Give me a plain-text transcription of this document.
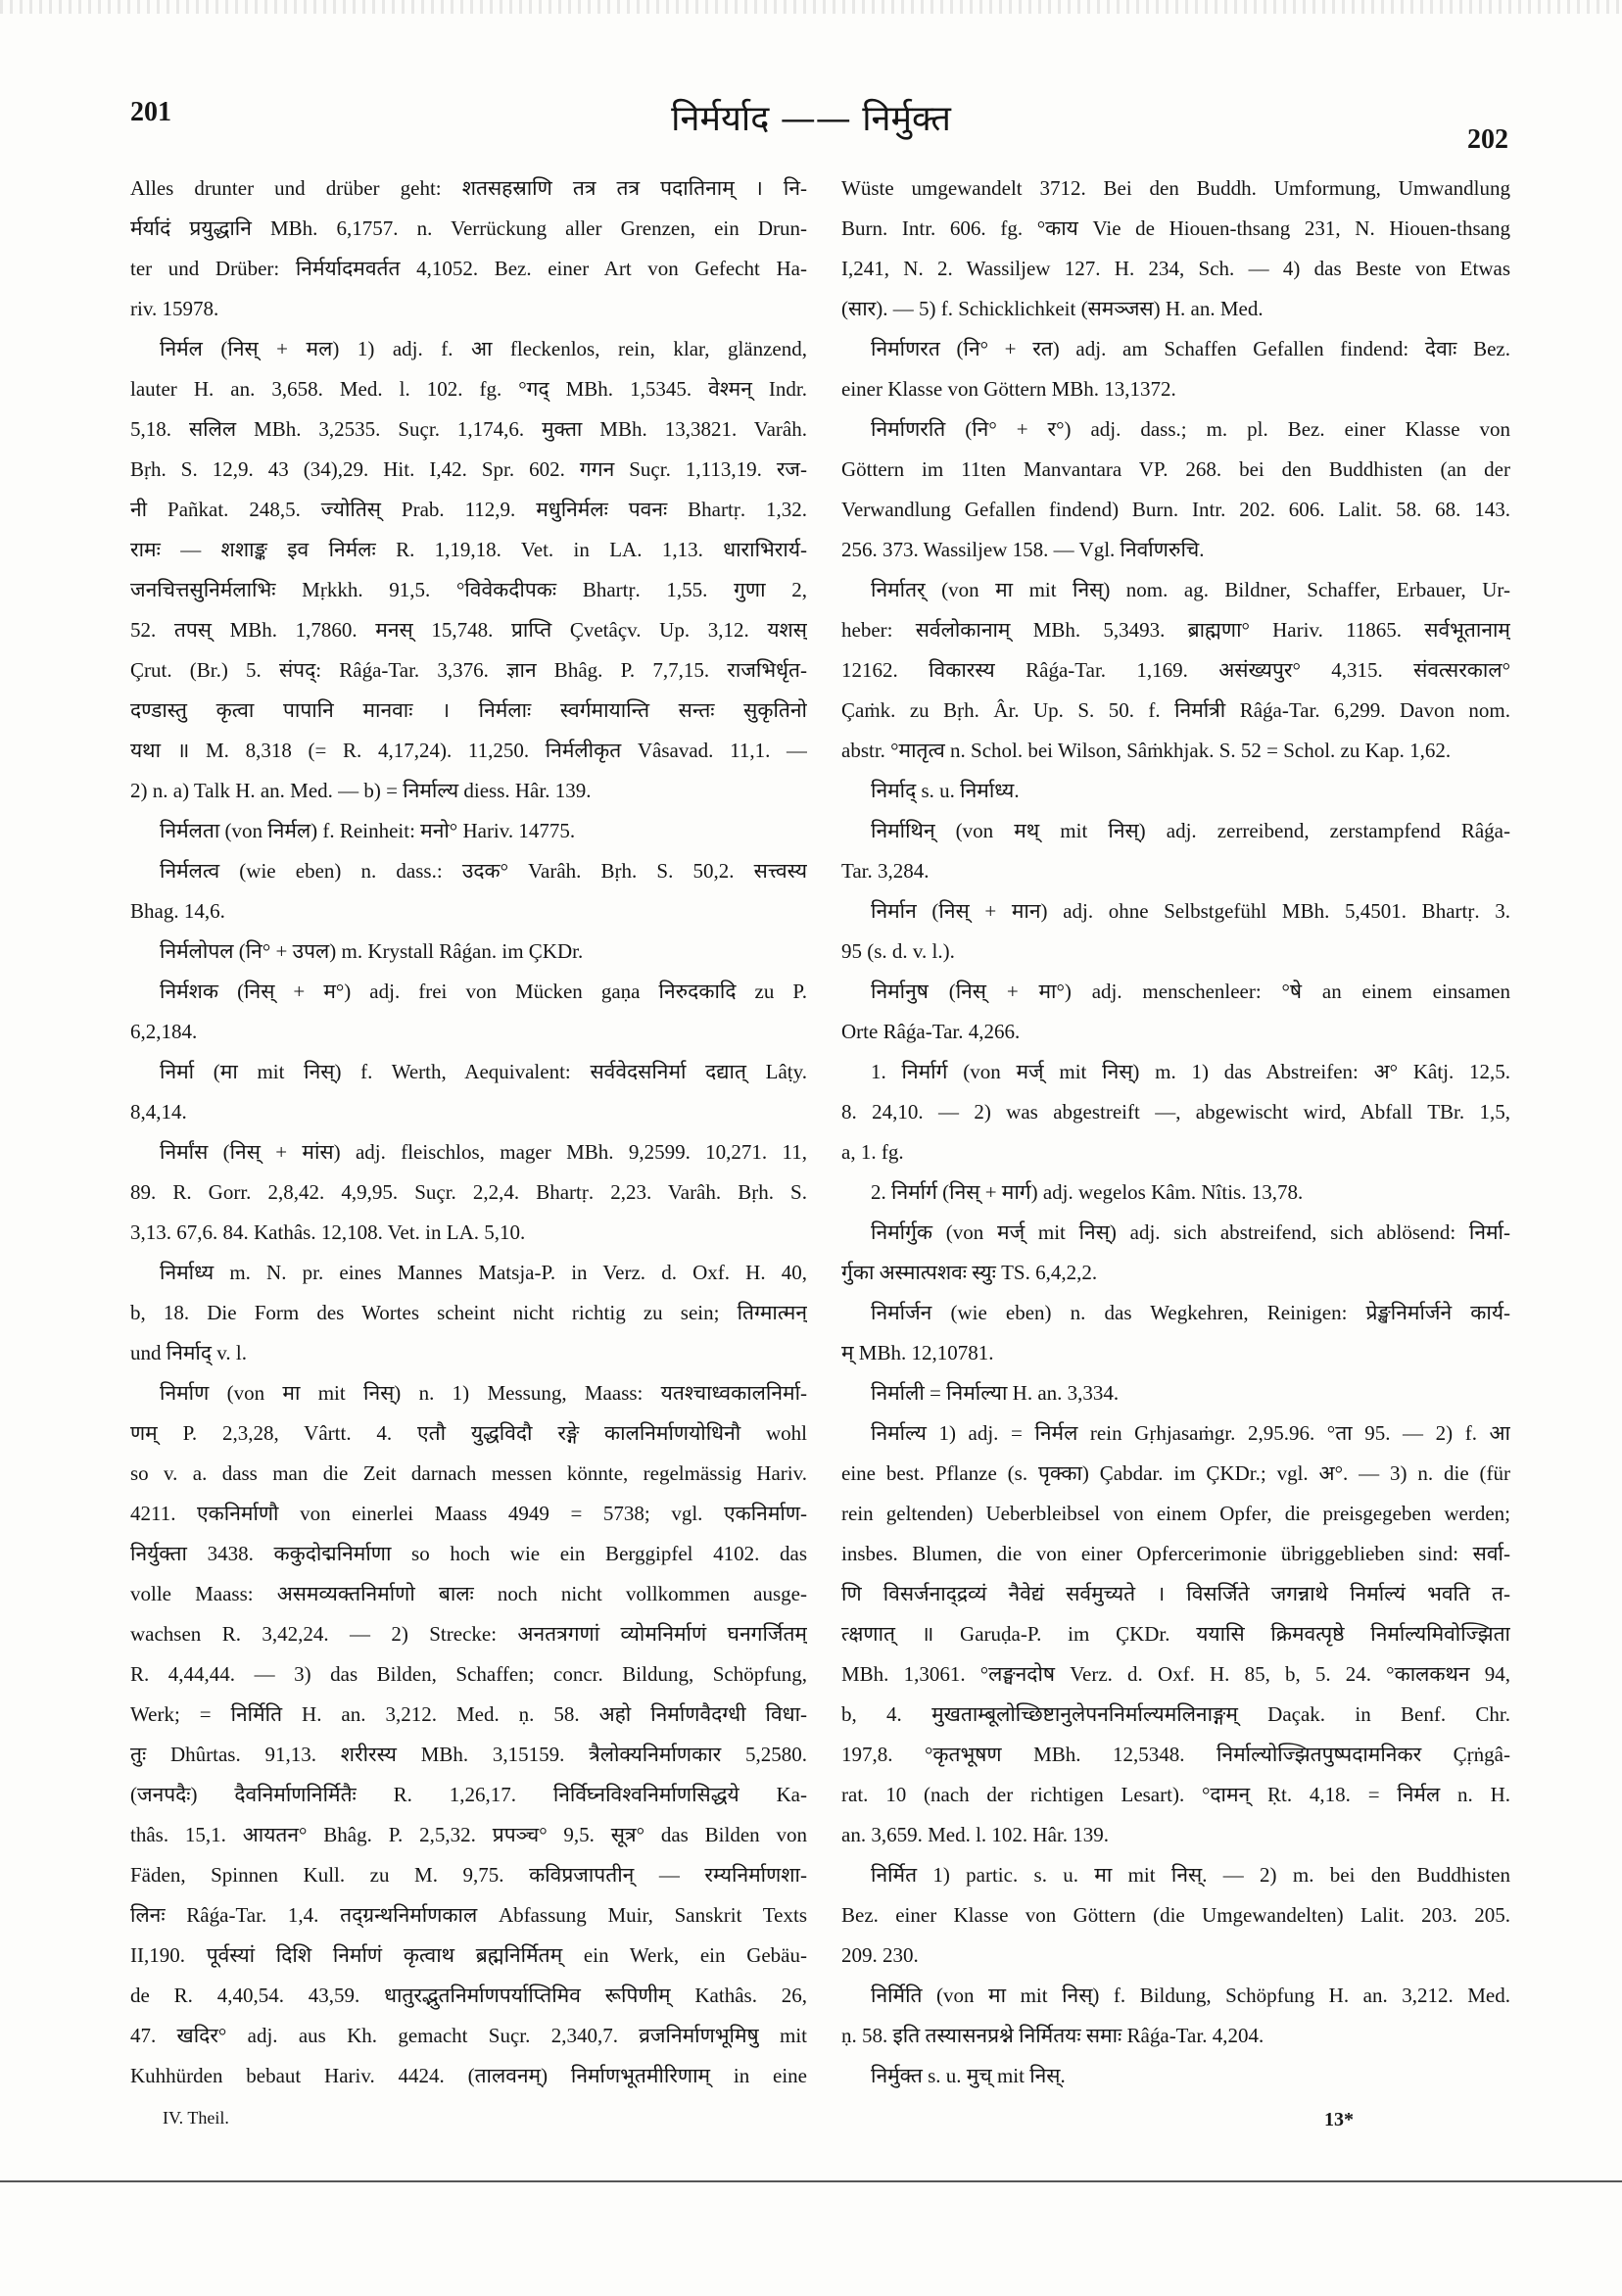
201	निर्मर्याद —— निर्मुक्त
202
Alles drunter und drüber geht: शतसहस्राणि तत्र तत्र पदातिनाम् । नि-
र्मर्यादं प्रयुद्धानि MBh. 6,1757. n. Verrückung aller Grenzen, ein Drun-
ter und Drüber: निर्मर्यादमवर्तत 4,1052. Bez. einer Art von Gefecht Ha-
riv. 15978.
निर्मल (निस् + मल) 1) adj. f. आ fleckenlos, rein, klar, glänzend,
lauter H. an. 3,658. Med. l. 102. fg. °गद् MBh. 1,5345. वेश्मन् Indr.
5,18. सलिल MBh. 3,2535. Suçr. 1,174,6. मुक्ता MBh. 13,3821. Varâh.
Bṛh. S. 12,9. 43 (34),29. Hit. I,42. Spr. 602. गगन Suçr. 1,113,19. रज-
नी Pañkat. 248,5. ज्योतिस् Prab. 112,9. मधुनिर्मलः पवनः Bhartṛ. 1,32.
रामः — शशाङ्क इव निर्मलः R. 1,19,18. Vet. in LA. 1,13. धाराभिरार्य-
जनचित्तसुनिर्मलाभिः Mṛkkh. 91,5. °विवेकदीपकः Bhartṛ. 1,55. गुणा 2,
52. तपस् MBh. 1,7860. मनस् 15,748. प्राप्ति Çvetâçv. Up. 3,12. यशस्
Çrut. (Br.) 5. संपद्: Râǵa-Tar. 3,376. ज्ञान Bhâg. P. 7,7,15. राजभिर्धृत-
दण्डास्तु कृत्वा पापानि मानवाः । निर्मलाः स्वर्गमायान्ति सन्तः सुकृतिनो
यथा ॥ M. 8,318 (= R. 4,17,24). 11,250. निर्मलीकृत Vâsavad. 11,1. —
2) n. a) Talk H. an. Med. — b) = निर्माल्य diess. Hâr. 139.
निर्मलता (von निर्मल) f. Reinheit: मनो° Hariv. 14775.
निर्मलत्व (wie eben) n. dass.: उदक° Varâh. Bṛh. S. 50,2. सत्त्वस्य
Bhag. 14,6.
निर्मलोपल (नि° + उपल) m. Krystall Râǵan. im ÇKDr.
निर्मशक (निस् + म°) adj. frei von Mücken gaṇa निरुदकादि zu P.
6,2,184.
निर्मा (मा mit निस्) f. Werth, Aequivalent: सर्ववेदसनिर्मा दद्यात् Lâṭy.
8,4,14.
निर्मांस (निस् + मांस) adj. fleischlos, mager MBh. 9,2599. 10,271. 11,
89. R. Gorr. 2,8,42. 4,9,95. Suçr. 2,2,4. Bhartṛ. 2,23. Varâh. Bṛh. S.
3,13. 67,6. 84. Kathâs. 12,108. Vet. in LA. 5,10.
निर्माध्य m. N. pr. eines Mannes Matsja-P. in Verz. d. Oxf. H. 40,
b, 18. Die Form des Wortes scheint nicht richtig zu sein; तिग्मात्मन्
und निर्माद् v. l.
निर्माण (von मा mit निस्) n. 1) Messung, Maass: यतश्चाध्वकालनिर्मा-
णम् P. 2,3,28, Vârtt. 4. एतौ युद्धविदौ रङ्गे कालनिर्माणयोधिनौ wohl
so v. a. dass man die Zeit darnach messen könnte, regelmässig Hariv.
4211. एकनिर्माणौ von einerlei Maass 4949 = 5738; vgl. एकनिर्माण-
निर्युक्ता 3438. ककुदोद्मनिर्माणा so hoch wie ein Berggipfel 4102. das
volle Maass: असमव्यक्तनिर्माणो बालः noch nicht vollkommen ausge-
wachsen R. 3,42,24. — 2) Strecke: अनतत्रगणां व्योमनिर्माणं घनगर्जितम्
R. 4,44,44. — 3) das Bilden, Schaffen; concr. Bildung, Schöpfung,
Werk; = निर्मिति H. an. 3,212. Med. ṇ. 58. अहो निर्माणवैदग्धी विधा-
तुः Dhûrtas. 91,13. शरीरस्य MBh. 3,15159. त्रैलोक्यनिर्माणकार 5,2580.
(जनपदैः) दैवनिर्माणनिर्मितैः R. 1,26,17. निर्विघ्नविश्वनिर्माणसिद्धये Ka-
thâs. 15,1. आयतन° Bhâg. P. 2,5,32. प्रपञ्च° 9,5. सूत्र° das Bilden von
Fäden, Spinnen Kull. zu M. 9,75. कविप्रजापतीन् — रम्यनिर्माणशा-
लिनः Râǵa-Tar. 1,4. तद्ग्रन्थनिर्माणकाल Abfassung Muir, Sanskrit Texts
II,190. पूर्वस्यां दिशि निर्माणं कृत्वाथ ब्रह्मनिर्मितम् ein Werk, ein Gebäu-
de R. 4,40,54. 43,59. धातुरद्भुतनिर्माणपर्याप्तिमिव रूपिणीम् Kathâs. 26,
47. खदिर° adj. aus Kh. gemacht Suçr. 2,340,7. व्रजनिर्माणभूमिषु mit
Kuhhürden bebaut Hariv. 4424. (तालवनम्) निर्माणभूतमीरिणाम् in eine
Wüste umgewandelt 3712. Bei den Buddh. Umformung, Umwandlung
Burn. Intr. 606. fg. °काय Vie de Hiouen-thsang 231, N. Hiouen-thsang
I,241, N. 2. Wassiljew 127. H. 234, Sch. — 4) das Beste von Etwas
(सार). — 5) f. Schicklichkeit (समञ्जस) H. an. Med.
निर्माणरत (नि° + रत) adj. am Schaffen Gefallen findend: देवाः Bez.
einer Klasse von Göttern MBh. 13,1372.
निर्माणरति (नि° + र°) adj. dass.; m. pl. Bez. einer Klasse von
Göttern im 11ten Manvantara VP. 268. bei den Buddhisten (an der
Verwandlung Gefallen findend) Burn. Intr. 202. 606. Lalit. 58. 68. 143.
256. 373. Wassiljew 158. — Vgl. निर्वाणरुचि.
निर्मातर् (von मा mit निस्) nom. ag. Bildner, Schaffer, Erbauer, Ur-
heber: सर्वलोकानाम् MBh. 5,3493. ब्राह्मणा° Hariv. 11865. सर्वभूतानाम्
12162. विकारस्य Râǵa-Tar. 1,169. असंख्यपुर° 4,315. संवत्सरकाल°
Çaṁk. zu Bṛh. Âr. Up. S. 50. f. निर्मात्री Râǵa-Tar. 6,299. Davon nom.
abstr. °मातृत्व n. Schol. bei Wilson, Sâṁkhjak. S. 52 = Schol. zu Kap. 1,62.
निर्माद् s. u. निर्माध्य.
निर्माथिन् (von मथ् mit निस्) adj. zerreibend, zerstampfend Râǵa-
Tar. 3,284.
निर्मान (निस् + मान) adj. ohne Selbstgefühl MBh. 5,4501. Bhartṛ. 3.
95 (s. d. v. l.).
निर्मानुष (निस् + मा°) adj. menschenleer: °षे an einem einsamen
Orte Râǵa-Tar. 4,266.
1. निर्मार्ग (von मर्ज् mit निस्) m. 1) das Abstreifen: अ° Kâtj. 12,5.
8. 24,10. — 2) was abgestreift —, abgewischt wird, Abfall TBr. 1,5,
a, 1. fg.
2. निर्मार्ग (निस् + मार्ग) adj. wegelos Kâm. Nîtis. 13,78.
निर्मार्गुक (von मर्ज् mit निस्) adj. sich abstreifend, sich ablösend: निर्मा-
र्गुका अस्मात्पशवः स्युः TS. 6,4,2,2.
निर्मार्जन (wie eben) n. das Wegkehren, Reinigen: प्रेङ्खनिर्मार्जने कार्य-
म् MBh. 12,10781.
निर्माली = निर्माल्या H. an. 3,334.
निर्माल्य 1) adj. = निर्मल rein Gṛhjasaṁgr. 2,95.96. °ता 95. — 2) f. आ
eine best. Pflanze (s. पृक्का) Çabdar. im ÇKDr.; vgl. अ°. — 3) n. die (für
rein geltenden) Ueberbleibsel von einem Opfer, die preisgegeben werden;
insbes. Blumen, die von einer Opfercerimonie übriggeblieben sind: सर्वा-
णि विसर्जनाद्द्रव्यं नैवेद्यं सर्वमुच्यते । विसर्जिते जगन्नाथे निर्माल्यं भवति त-
त्क्षणात् ॥ Garuḍa-P. im ÇKDr. ययासि क्रिमवत्पृष्ठे निर्माल्यमिवोज्झिता
MBh. 1,3061. °लङ्घनदोष Verz. d. Oxf. H. 85, b, 5. 24. °कालकथन 94,
b, 4. मुखताम्बूलोच्छिष्टानुलेपननिर्माल्यमलिनाङ्गम् Daçak. in Benf. Chr.
197,8. °कृतभूषण MBh. 12,5348. निर्माल्योज्झितपुष्पदामनिकर Çṛṅgâ-
rat. 10 (nach der richtigen Lesart). °दामन् Ṛt. 4,18. = निर्मल n. H.
an. 3,659. Med. l. 102. Hâr. 139.
निर्मित 1) partic. s. u. मा mit निस्. — 2) m. bei den Buddhisten
Bez. einer Klasse von Göttern (die Umgewandelten) Lalit. 203. 205.
209. 230.
निर्मिति (von मा mit निस्) f. Bildung, Schöpfung H. an. 3,212. Med.
ṇ. 58. इति तस्यासनप्रश्ने निर्मितयः समाः Râǵa-Tar. 4,204.
निर्मुक्त s. u. मुच् mit निस्.
IV. Theil.	13*
